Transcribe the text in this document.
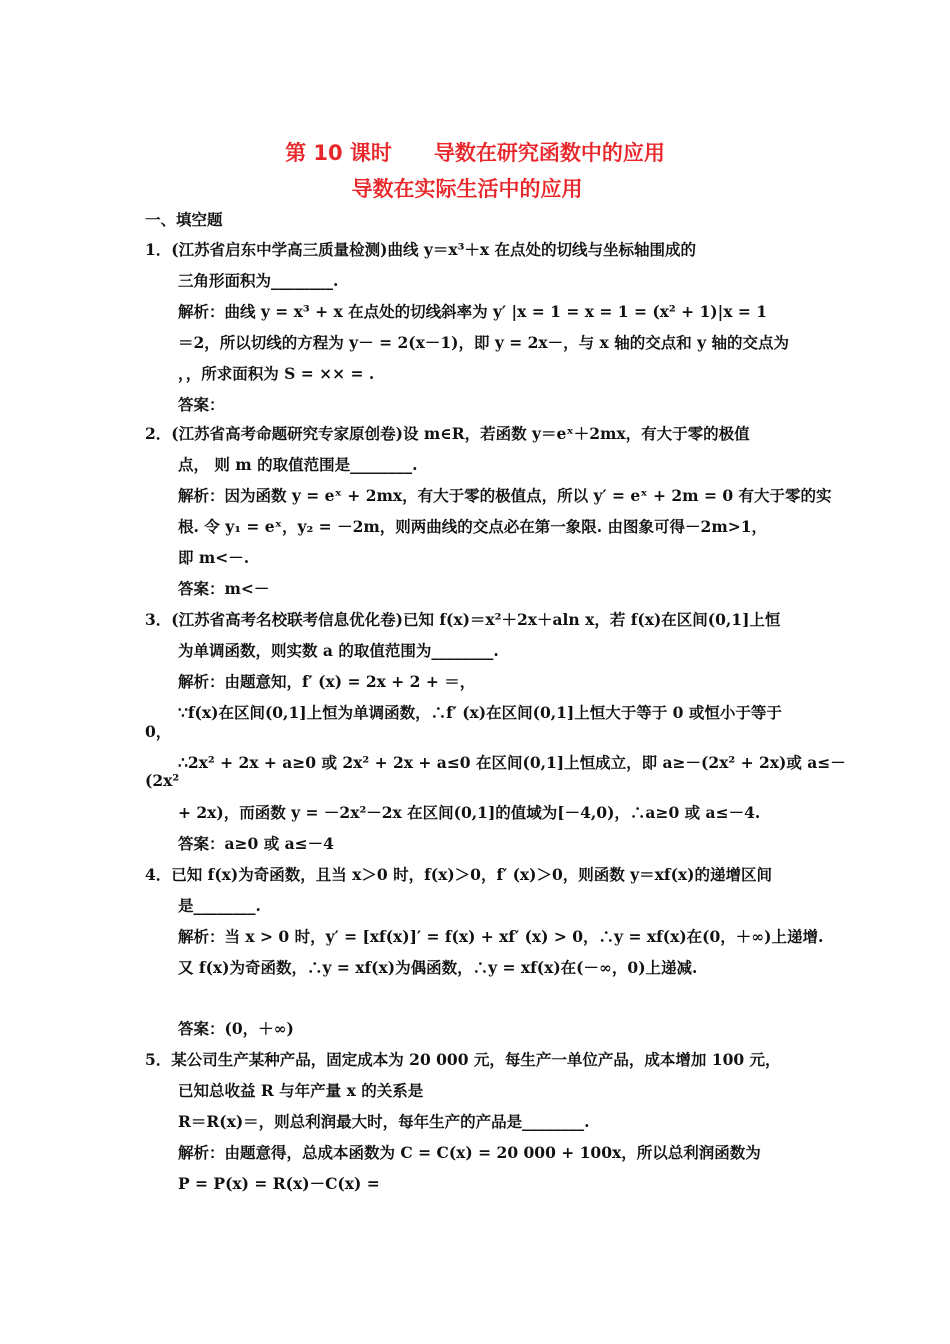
第 10 课时　　导数在研究函数中的应用
导数在实际生活中的应用
一、填空题
1．(江苏省启东中学高三质量检测)曲线 y＝x³＋x 在点处的切线与坐标轴围成的
三角形面积为________.
解析：曲线 y = x³ + x 在点处的切线斜率为 y′ |x = 1 = x = 1 = (x² + 1)|x = 1
＝2，所以切线的方程为 y－ = 2(x－1)，即 y = 2x－，与 x 轴的交点和 y 轴的交点为
，，所求面积为 S = ×× = .
答案：
2．(江苏省高考命题研究专家原创卷)设 m∈R，若函数 y＝eˣ＋2mx，有大于零的极值
点， 则 m 的取值范围是________.
解析：因为函数 y = eˣ + 2mx，有大于零的极值点，所以 y′ = eˣ + 2m = 0 有大于零的实
根. 令 y₁ = eˣ，y₂ = －2m，则两曲线的交点必在第一象限. 由图象可得－2m>1，
即 m<－.
答案：m<－
3．(江苏省高考名校联考信息优化卷)已知 f(x)＝x²＋2x＋aln x，若 f(x)在区间(0,1]上恒
为单调函数，则实数 a 的取值范围为________.
解析：由题意知，f′ (x) = 2x + 2 + ＝，
∵f(x)在区间(0,1]上恒为单调函数，∴f′ (x)在区间(0,1]上恒大于等于 0 或恒小于等于
0，
∴2x² + 2x + a≥0 或 2x² + 2x + a≤0 在区间(0,1]上恒成立，即 a≥－(2x² + 2x)或 a≤－
(2x²
+ 2x)，而函数 y = －2x²－2x 在区间(0,1]的值域为[－4,0)，∴a≥0 或 a≤－4.
答案：a≥0 或 a≤－4
4．已知 f(x)为奇函数，且当 x＞0 时，f(x)＞0，f′ (x)＞0，则函数 y＝xf(x)的递增区间
是________.
解析：当 x > 0 时，y′ = [xf(x)]′ = f(x) + xf′ (x) > 0，∴y = xf(x)在(0，＋∞)上递增.
又 f(x)为奇函数，∴y = xf(x)为偶函数，∴y = xf(x)在(－∞，0)上递减.
答案：(0，＋∞)
5．某公司生产某种产品，固定成本为 20 000 元，每生产一单位产品，成本增加 100 元，
已知总收益 R 与年产量 x 的关系是
R＝R(x)＝，则总利润最大时，每年生产的产品是________.
解析：由题意得，总成本函数为 C = C(x) = 20 000 + 100x，所以总利润函数为
P = P(x) = R(x)－C(x) =
